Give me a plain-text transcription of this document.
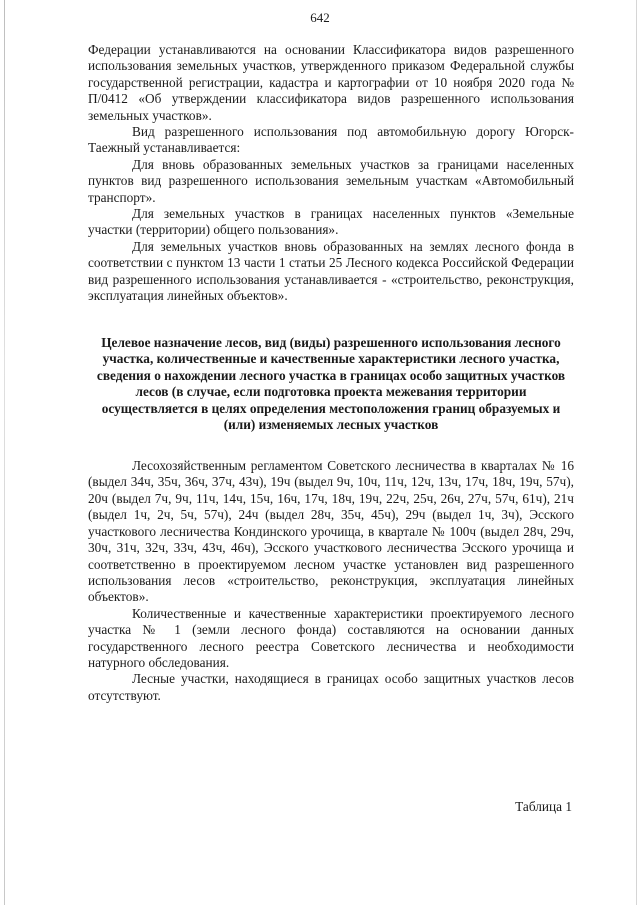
642

Федерации устанавливаются на основании Классификатора видов разрешенного использования земельных участков, утвержденного приказом Федеральной службы государственной регистрации, кадастра и картографии от 10 ноября 2020 года № П/0412 «Об утверждении классификатора видов разрешенного использования земельных участков».

Вид разрешенного использования под автомобильную дорогу Югорск-Таежный устанавливается:

Для вновь образованных земельных участков за границами населенных пунктов вид разрешенного использования земельным участкам «Автомобильный транспорт».

Для земельных участков в границах населенных пунктов «Земельные участки (территории) общего пользования».

Для земельных участков вновь образованных на землях лесного фонда в соответствии с пунктом 13 части 1 статьи 25 Лесного кодекса Российской Федерации вид разрешенного использования устанавливается - «строительство, реконструкция, эксплуатация линейных объектов».

Целевое назначение лесов, вид (виды) разрешенного использования лесного участка, количественные и качественные характеристики лесного участка, сведения о нахождении лесного участка в границах особо защитных участков лесов (в случае, если подготовка проекта межевания территории осуществляется в целях определения местоположения границ образуемых и (или) изменяемых лесных участков

Лесохозяйственным регламентом Советского лесничества в кварталах № 16 (выдел 34ч, 35ч, 36ч, 37ч, 43ч), 19ч (выдел 9ч, 10ч, 11ч, 12ч, 13ч, 17ч, 18ч, 19ч, 57ч), 20ч (выдел 7ч, 9ч, 11ч, 14ч, 15ч, 16ч, 17ч, 18ч, 19ч, 22ч, 25ч, 26ч, 27ч, 57ч, 61ч), 21ч (выдел 1ч, 2ч, 5ч, 57ч), 24ч (выдел 28ч, 35ч, 45ч), 29ч (выдел 1ч, 3ч), Эсского участкового лесничества Кондинского урочища, в квартале № 100ч (выдел 28ч, 29ч, 30ч, 31ч, 32ч, 33ч, 43ч, 46ч), Эсского участкового лесничества Эсского урочища и соответственно в проектируемом лесном участке установлен вид разрешенного использования лесов «строительство, реконструкция, эксплуатация линейных объектов».

Количественные и качественные характеристики проектируемого лесного участка № 1 (земли лесного фонда) составляются на основании данных государственного лесного реестра Советского лесничества и необходимости натурного обследования.

Лесные участки, находящиеся в границах особо защитных участков лесов отсутствуют.

Таблица 1
